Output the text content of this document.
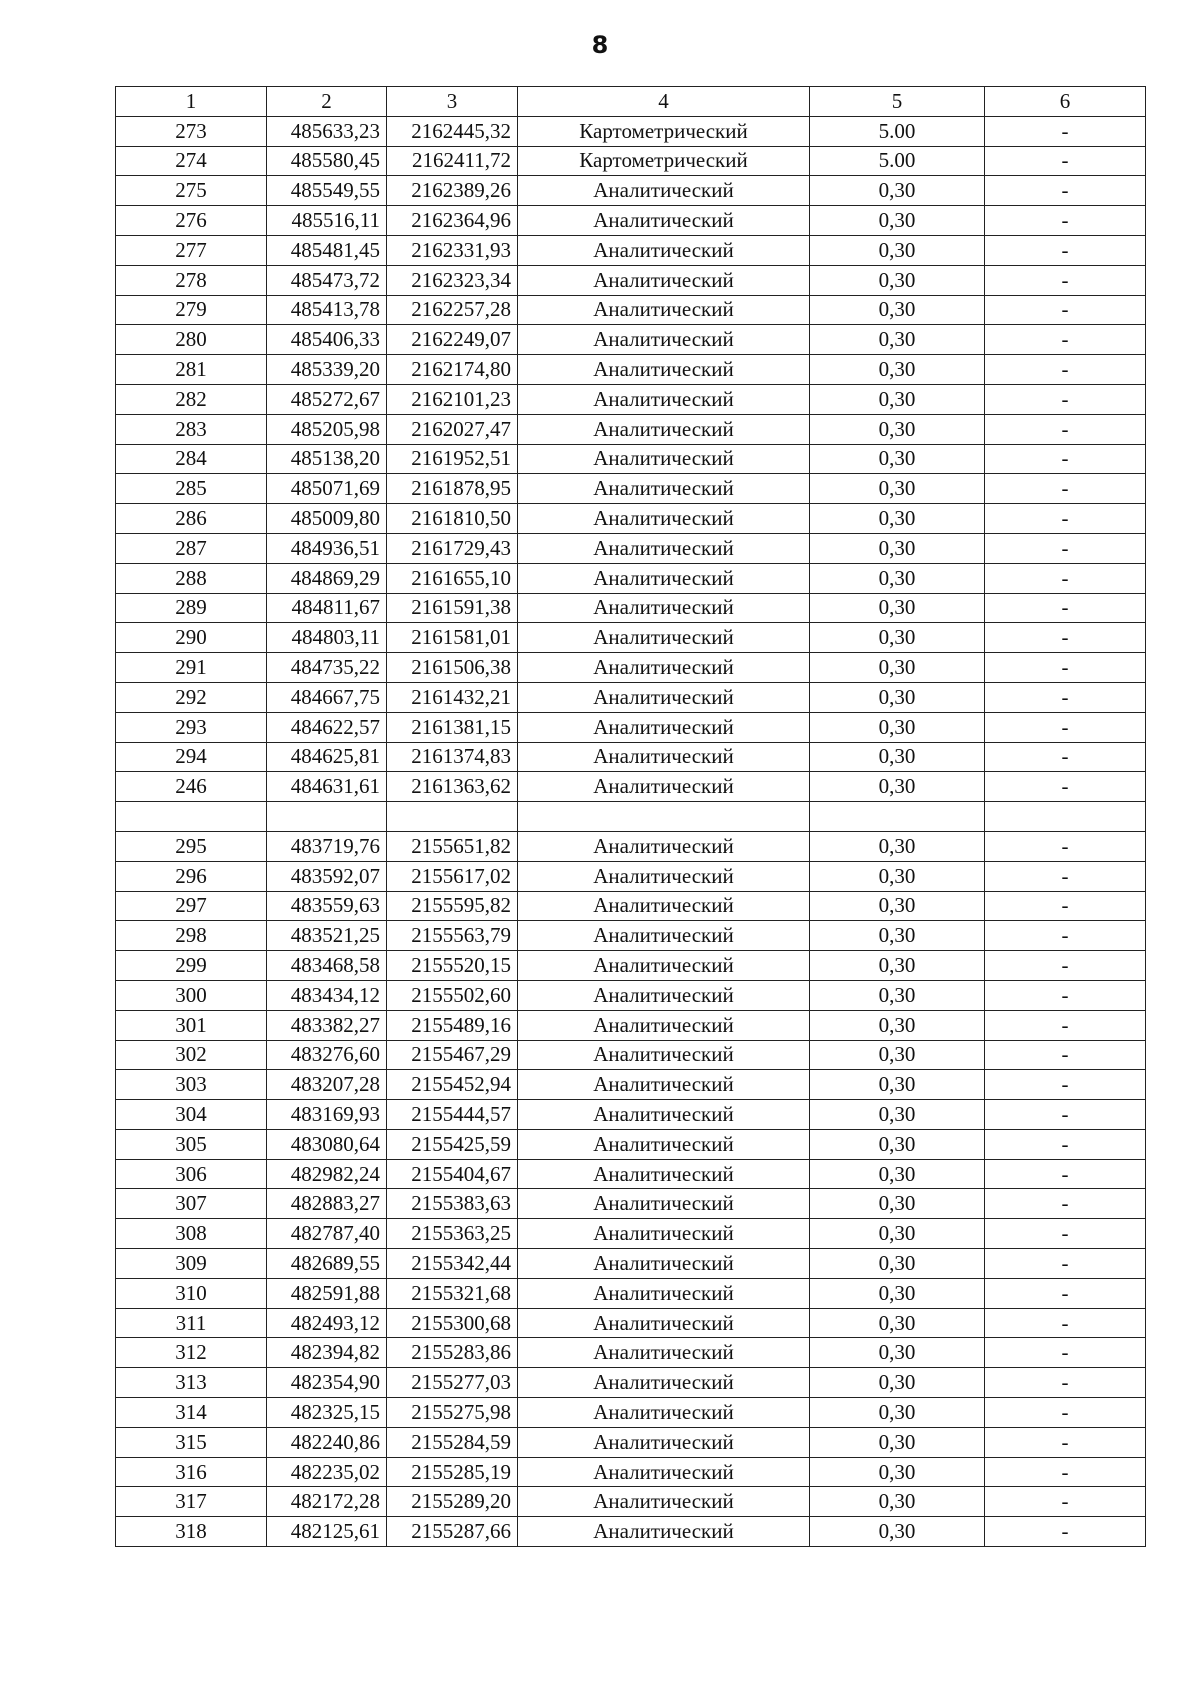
8
1	2	3	4	5	6
273	485633,23	2162445,32	Картометрический	5.00	-
274	485580,45	2162411,72	Картометрический	5.00	-
275	485549,55	2162389,26	Аналитический	0,30	-
276	485516,11	2162364,96	Аналитический	0,30	-
277	485481,45	2162331,93	Аналитический	0,30	-
278	485473,72	2162323,34	Аналитический	0,30	-
279	485413,78	2162257,28	Аналитический	0,30	-
280	485406,33	2162249,07	Аналитический	0,30	-
281	485339,20	2162174,80	Аналитический	0,30	-
282	485272,67	2162101,23	Аналитический	0,30	-
283	485205,98	2162027,47	Аналитический	0,30	-
284	485138,20	2161952,51	Аналитический	0,30	-
285	485071,69	2161878,95	Аналитический	0,30	-
286	485009,80	2161810,50	Аналитический	0,30	-
287	484936,51	2161729,43	Аналитический	0,30	-
288	484869,29	2161655,10	Аналитический	0,30	-
289	484811,67	2161591,38	Аналитический	0,30	-
290	484803,11	2161581,01	Аналитический	0,30	-
291	484735,22	2161506,38	Аналитический	0,30	-
292	484667,75	2161432,21	Аналитический	0,30	-
293	484622,57	2161381,15	Аналитический	0,30	-
294	484625,81	2161374,83	Аналитический	0,30	-
246	484631,61	2161363,62	Аналитический	0,30	-

295	483719,76	2155651,82	Аналитический	0,30	-
296	483592,07	2155617,02	Аналитический	0,30	-
297	483559,63	2155595,82	Аналитический	0,30	-
298	483521,25	2155563,79	Аналитический	0,30	-
299	483468,58	2155520,15	Аналитический	0,30	-
300	483434,12	2155502,60	Аналитический	0,30	-
301	483382,27	2155489,16	Аналитический	0,30	-
302	483276,60	2155467,29	Аналитический	0,30	-
303	483207,28	2155452,94	Аналитический	0,30	-
304	483169,93	2155444,57	Аналитический	0,30	-
305	483080,64	2155425,59	Аналитический	0,30	-
306	482982,24	2155404,67	Аналитический	0,30	-
307	482883,27	2155383,63	Аналитический	0,30	-
308	482787,40	2155363,25	Аналитический	0,30	-
309	482689,55	2155342,44	Аналитический	0,30	-
310	482591,88	2155321,68	Аналитический	0,30	-
311	482493,12	2155300,68	Аналитический	0,30	-
312	482394,82	2155283,86	Аналитический	0,30	-
313	482354,90	2155277,03	Аналитический	0,30	-
314	482325,15	2155275,98	Аналитический	0,30	-
315	482240,86	2155284,59	Аналитический	0,30	-
316	482235,02	2155285,19	Аналитический	0,30	-
317	482172,28	2155289,20	Аналитический	0,30	-
318	482125,61	2155287,66	Аналитический	0,30	-
